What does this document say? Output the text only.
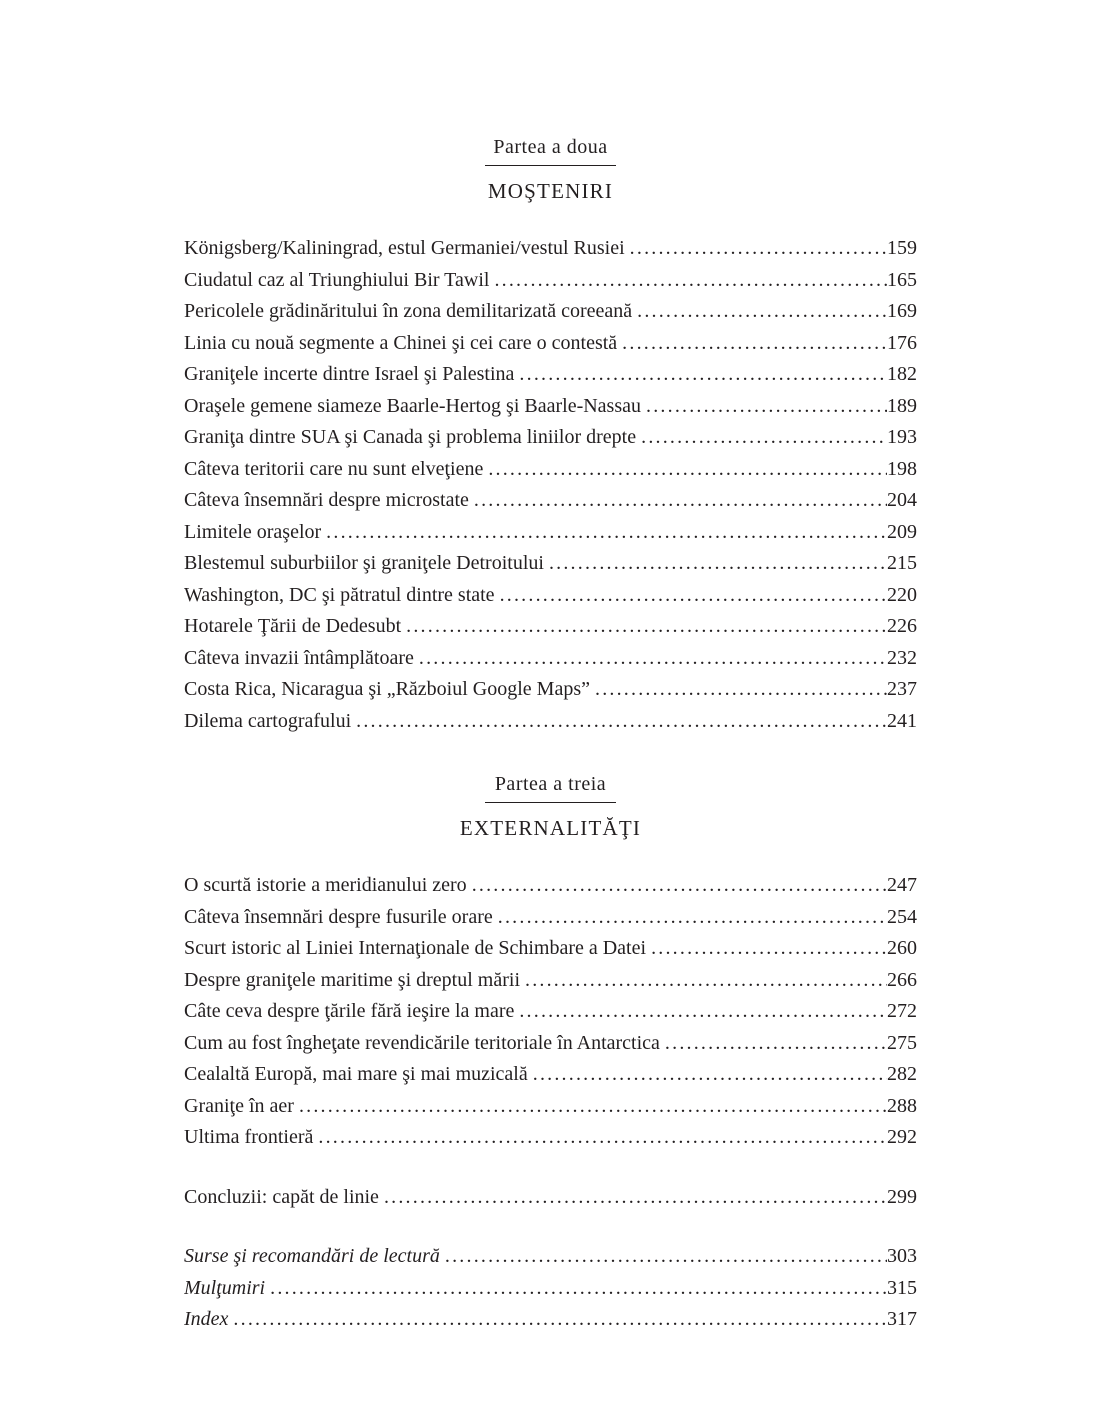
Partea a doua
MOŞTENIRI
Königsberg/Kaliningrad, estul Germaniei/vestul Rusiei . . .	159
Ciudatul caz al Triunghiului Bir Tawil . . .	165
Pericolele grădinăritului în zona demilitarizată coreeană . . .	169
Linia cu nouă segmente a Chinei şi cei care o contestă . . .	176
Graniţele incerte dintre Israel şi Palestina . . .	182
Oraşele gemene siameze Baarle-Hertog şi Baarle-Nassau . . .	189
Graniţa dintre SUA şi Canada şi problema liniilor drepte . . .	193
Câteva teritorii care nu sunt elveţiene . . .	198
Câteva însemnări despre microstate . . .	204
Limitele oraşelor . . .	209
Blestemul suburbiilor şi graniţele Detroitului . . .	215
Washington, DC şi pătratul dintre state . . .	220
Hotarele Ţării de Dedesubt . . .	226
Câteva invazii întâmplătoare . . .	232
Costa Rica, Nicaragua şi „Războiul Google Maps” . . .	237
Dilema cartografului . . .	241
Partea a treia
EXTERNALITĂŢI
O scurtă istorie a meridianului zero . . .	247
Câteva însemnări despre fusurile orare . . .	254
Scurt istoric al Liniei Internaţionale de Schimbare a Datei . . .	260
Despre graniţele maritime şi dreptul mării . . .	266
Câte ceva despre ţările fără ieşire la mare . . .	272
Cum au fost îngheţate revendicările teritoriale în Antarctica . . .	275
Cealaltă Europă, mai mare şi mai muzicală . . .	282
Graniţe în aer . . .	288
Ultima frontieră . . .	292
Concluzii: capăt de linie . . .	299
Surse şi recomandări de lectură . . .	303
Mulţumiri . . .	315
Index . . .	317
